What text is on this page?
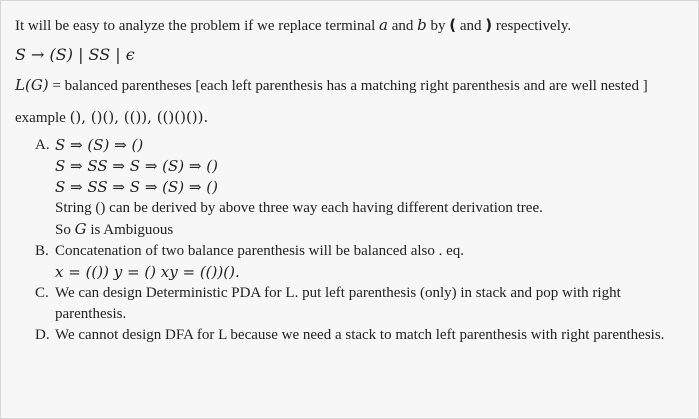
It will be easy to analyze the problem if we replace terminal a and b by ( and ) respectively.

S → (S) | SS | ϵ

L(G) = balanced parentheses [each left parenthesis has a matching right parenthesis and are well nested ]

example (), ()(), (()), (()()()).

A. S ⇒ (S) ⇒ ()
S ⇒ SS ⇒ S ⇒ (S) ⇒ ()
S ⇒ SS ⇒ S ⇒ (S) ⇒ ()
String () can be derived by above three way each having different derivation tree.
So G is Ambiguous
B. Concatenation of two balance parenthesis will be balanced also . eq.
x = (()) y = () xy = (())().
C. We can design Deterministic PDA for L. put left parenthesis (only) in stack and pop with right parenthesis.
D. We cannot design DFA for L because we need a stack to match left parenthesis with right parenthesis.
